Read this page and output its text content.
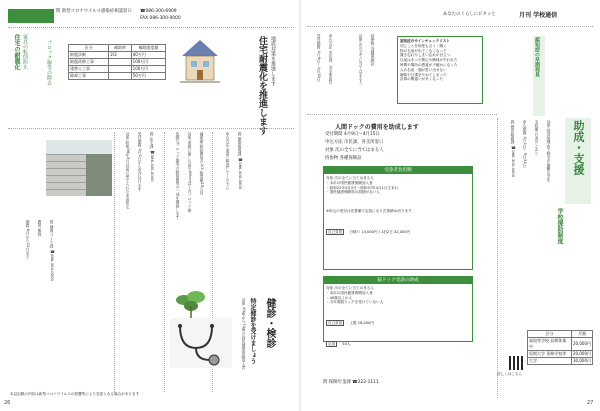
問 新型コロナウイルス感染症相談窓口	☎086-300-6909
FAX 086-300-0000
区分	補助率	補助限度額
耐震診断	2/3	40万円
耐震改修工事		100万円
建替え工事		100万円
除却工事		50万円
住宅の耐震化 家具の転倒防止	ブロック塀等の除去	住宅耐震化を推進します 地震対策を推進します
対象 昭和56年5月以前に建てられた木造住宅	受付期間 4月1日から受け付けます	問 住宅課 ☎086-300-0000	危険なブロック塀等の除却費用の一部を補助します	対象 道路に面した高さ80cm以上のブロック塀	補助額 除却費用の2/3 限度額15万円	申込方法 事前に相談してください	問 建築指導課 ☎086-300-0000
健診・検診
特定健診を受けましょう
対象 40歳から74歳の国民健康保険加入者
期間 6月から12月まで	費用 無料	問 健康づくり課 ☎086-300-0000
本誌記載の内容は新型コロナウイルスの影響等により変更となる場合があります
26
あなたのくらしにピタッと	月刊 学校通信
認知症のサインチェックリスト
同じことを何度も言う・聞く
物の名前が出てこなくなった
置き忘れやしまい忘れが目立つ
以前はあった関心や興味が失われた
時間や場所の感覚が不確かになった
人の名前・顔が思い出せない
趣味や日課をやめてしまった
計算の間違いが多くなった
認知症の早期発見
受付期間 4月9日〜4月15日	申込方法 市民課、各支所窓口	対象 次の全てに当てはまる人	持参物 各種保険証
人間ドックの費用を助成します
受付期間 4月9日〜4月15日
申込方法 市民課、各支所窓口
対象 次の全てに当てはまる人
持参物 各種保険証
受診者負担額
対象 次の全てに当てはまる人
・本市の国民健康保険加入者
・昭和22年4月2日〜昭和57年4月1日生まれ
・国民健康保険料の滞納がない人
※申込の受付は先着順で定員になり次第締め切ります
自己負担 日帰り 14,000円 / 1泊2日 32,000円
脳ドック受診の助成
対象 次の全てに当てはまる人
・本市の国民健康保険加入者
・40歳以上の人
・今年度脳ドックを受けていない人
自己負担 上限 16,000円
定員 50人
問 保険年金課 ☎222-1111
助成・支援
学校援助制度
対象 経済的理由で修学が困難な学生
支給額 右表のとおり
申込期間 4月1日〜5月31日
問 教育総務課 ☎086-300-0000
区分	月額
高校等学校 長期休業中	20,000円
短期大学 専修学校等	20,000円
大学	30,000円
詳しくはこちら
27
